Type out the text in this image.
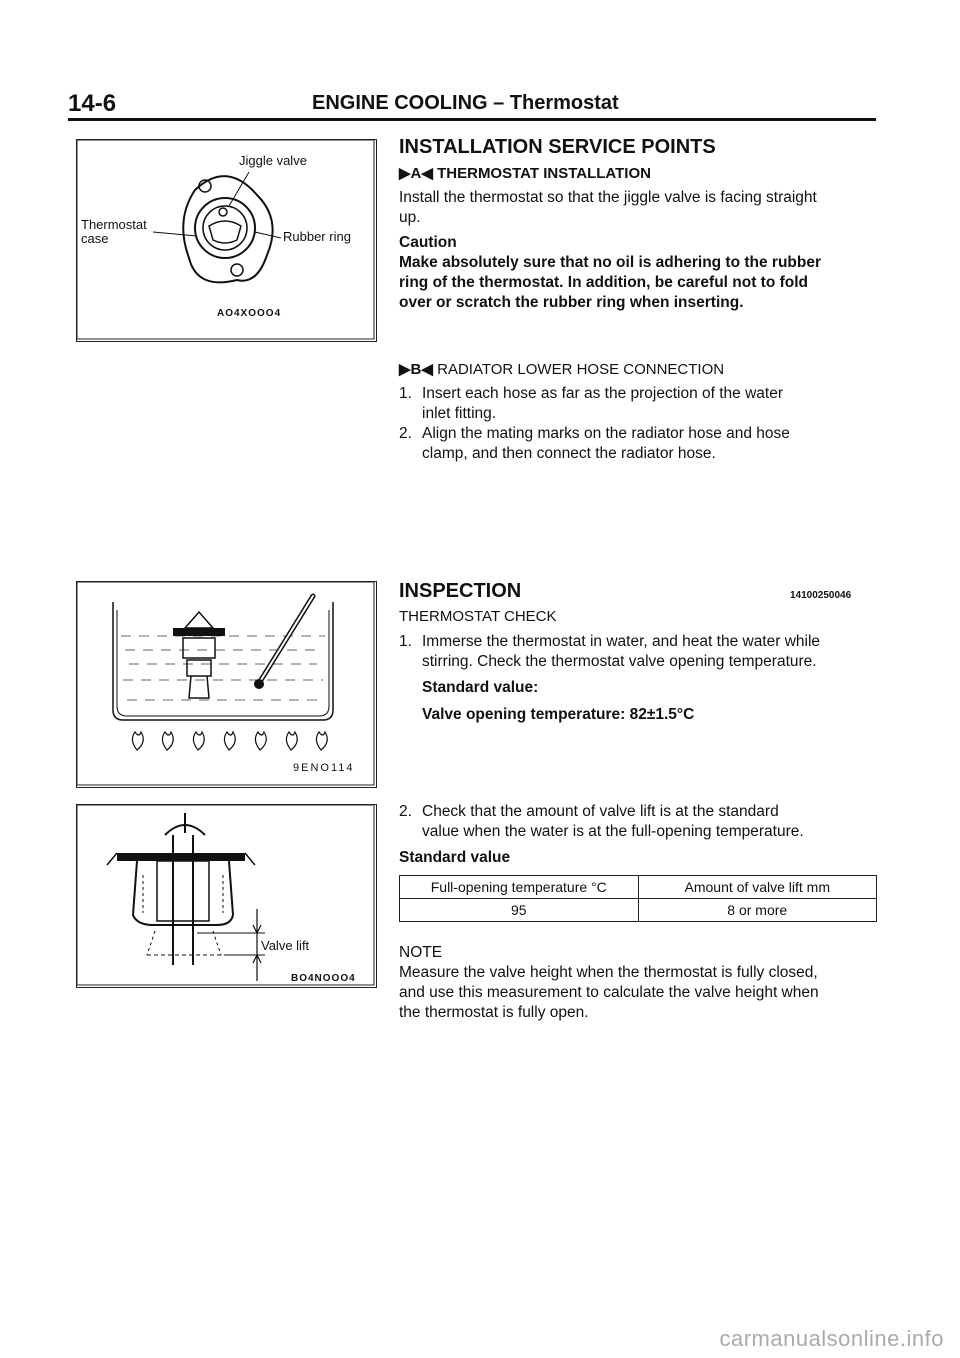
14-6	ENGINE COOLING – Thermostat
Jiggle valve
Thermostat
case	Rubber ring
AO4XOOO4
9ENO114
Valve lift
BO4NOOO4
INSTALLATION SERVICE POINTS
▶A◀ THERMOSTAT INSTALLATION
Install the thermostat so that the jiggle valve is facing straight
up.
Caution
Make absolutely sure that no oil is adhering to the rubber
ring of the thermostat. In addition, be careful not to fold
over or scratch the rubber ring when inserting.
▶B◀ RADIATOR LOWER HOSE CONNECTION
1. Insert each hose as far as the projection of the water
inlet fitting.
2. Align the mating marks on the radiator hose and hose
clamp, and then connect the radiator hose.
INSPECTION	14100250046
THERMOSTAT CHECK
1. Immerse the thermostat in water, and heat the water while
stirring. Check the thermostat valve opening temperature.
Standard value:
Valve opening temperature: 82±1.5°C
2. Check that the amount of valve lift is at the standard
value when the water is at the full-opening temperature.
Standard value
Full-opening temperature °C	Amount of valve lift mm
95	8 or more
NOTE
Measure the valve height when the thermostat is fully closed,
and use this measurement to calculate the valve height when
the thermostat is fully open.
carmanualsonline.info
